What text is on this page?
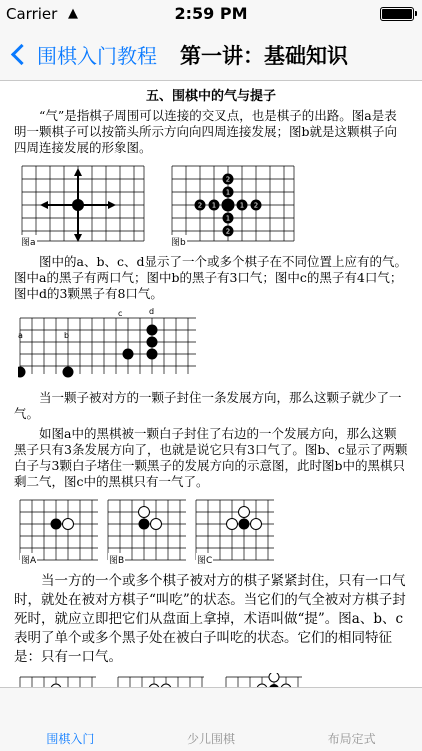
Carrier ▲	2:59 PM
围棋入门教程 第一讲：基础知识
五、围棋中的气与提子
“气”是指棋子周围可以连接的交叉点，也是棋子的出路。图a是表明一颗棋子可以按箭头所示方向向四周连接发展；图b就是这颗棋子向四周连接发展的形象图。
图a
2
1
2 1	1 2
1
2
图b
图中的a、b、c、d显示了一个或多个棋子在不同位置上应有的气。图中a的黑子有两口气；图中b的黑子有3口气；图中c的黑子有4口气；图中d的3颗黑子有8口气。
a	b
c	d
当一颗子被对方的一颗子封住一条发展方向，那么这颗子就少了一气。
如图a中的黑棋被一颗白子封住了右边的一个发展方向，那么这颗黑子只有3条发展方向了，也就是说它只有3口气了。图b、c显示了两颗白子与3颗白子堵住一颗黑子的发展方向的示意图，此时图b中的黑棋只剩二气，图c中的黑棋只有一气了。
图A	图B	图C
当一方的一个或多个棋子被对方的棋子紧紧封住，只有一口气时，就处在被对方棋子“叫吃”的状态。当它们的气全被对方棋子封死时，就应立即把它们从盘面上拿掉，术语叫做“提”。图a、b、c表明了单个或多个黑子处在被白子叫吃的状态。它们的相同特征是：只有一口气。
围棋入门	少儿围棋	布局定式
